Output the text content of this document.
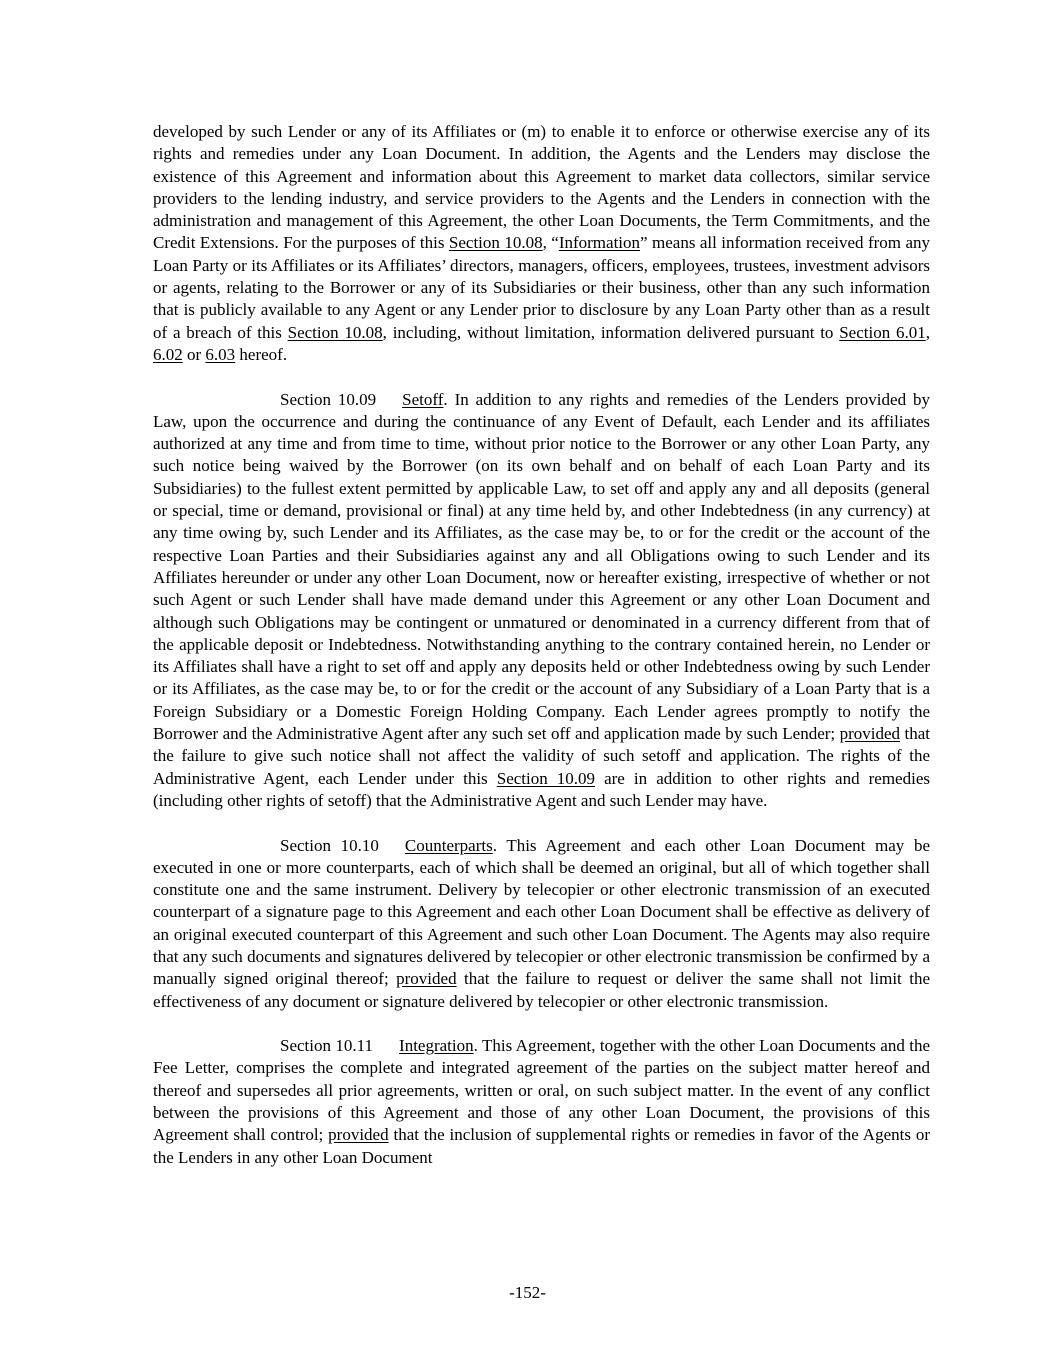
developed by such Lender or any of its Affiliates or (m) to enable it to enforce or otherwise exercise any of its rights and remedies under any Loan Document. In addition, the Agents and the Lenders may disclose the existence of this Agreement and information about this Agreement to market data collectors, similar service providers to the lending industry, and service providers to the Agents and the Lenders in connection with the administration and management of this Agreement, the other Loan Documents, the Term Commitments, and the Credit Extensions. For the purposes of this Section 10.08, “Information” means all information received from any Loan Party or its Affiliates or its Affiliates’ directors, managers, officers, employees, trustees, investment advisors or agents, relating to the Borrower or any of its Subsidiaries or their business, other than any such information that is publicly available to any Agent or any Lender prior to disclosure by any Loan Party other than as a result of a breach of this Section 10.08, including, without limitation, information delivered pursuant to Section 6.01, 6.02 or 6.03 hereof.

Section 10.09 Setoff. In addition to any rights and remedies of the Lenders provided by Law, upon the occurrence and during the continuance of any Event of Default, each Lender and its affiliates authorized at any time and from time to time, without prior notice to the Borrower or any other Loan Party, any such notice being waived by the Borrower (on its own behalf and on behalf of each Loan Party and its Subsidiaries) to the fullest extent permitted by applicable Law, to set off and apply any and all deposits (general or special, time or demand, provisional or final) at any time held by, and other Indebtedness (in any currency) at any time owing by, such Lender and its Affiliates, as the case may be, to or for the credit or the account of the respective Loan Parties and their Subsidiaries against any and all Obligations owing to such Lender and its Affiliates hereunder or under any other Loan Document, now or hereafter existing, irrespective of whether or not such Agent or such Lender shall have made demand under this Agreement or any other Loan Document and although such Obligations may be contingent or unmatured or denominated in a currency different from that of the applicable deposit or Indebtedness. Notwithstanding anything to the contrary contained herein, no Lender or its Affiliates shall have a right to set off and apply any deposits held or other Indebtedness owing by such Lender or its Affiliates, as the case may be, to or for the credit or the account of any Subsidiary of a Loan Party that is a Foreign Subsidiary or a Domestic Foreign Holding Company. Each Lender agrees promptly to notify the Borrower and the Administrative Agent after any such set off and application made by such Lender; provided that the failure to give such notice shall not affect the validity of such setoff and application. The rights of the Administrative Agent, each Lender under this Section 10.09 are in addition to other rights and remedies (including other rights of setoff) that the Administrative Agent and such Lender may have.

Section 10.10 Counterparts. This Agreement and each other Loan Document may be executed in one or more counterparts, each of which shall be deemed an original, but all of which together shall constitute one and the same instrument. Delivery by telecopier or other electronic transmission of an executed counterpart of a signature page to this Agreement and each other Loan Document shall be effective as delivery of an original executed counterpart of this Agreement and such other Loan Document. The Agents may also require that any such documents and signatures delivered by telecopier or other electronic transmission be confirmed by a manually signed original thereof; provided that the failure to request or deliver the same shall not limit the effectiveness of any document or signature delivered by telecopier or other electronic transmission.

Section 10.11 Integration. This Agreement, together with the other Loan Documents and the Fee Letter, comprises the complete and integrated agreement of the parties on the subject matter hereof and thereof and supersedes all prior agreements, written or oral, on such subject matter. In the event of any conflict between the provisions of this Agreement and those of any other Loan Document, the provisions of this Agreement shall control; provided that the inclusion of supplemental rights or remedies in favor of the Agents or the Lenders in any other Loan Document

-152-
